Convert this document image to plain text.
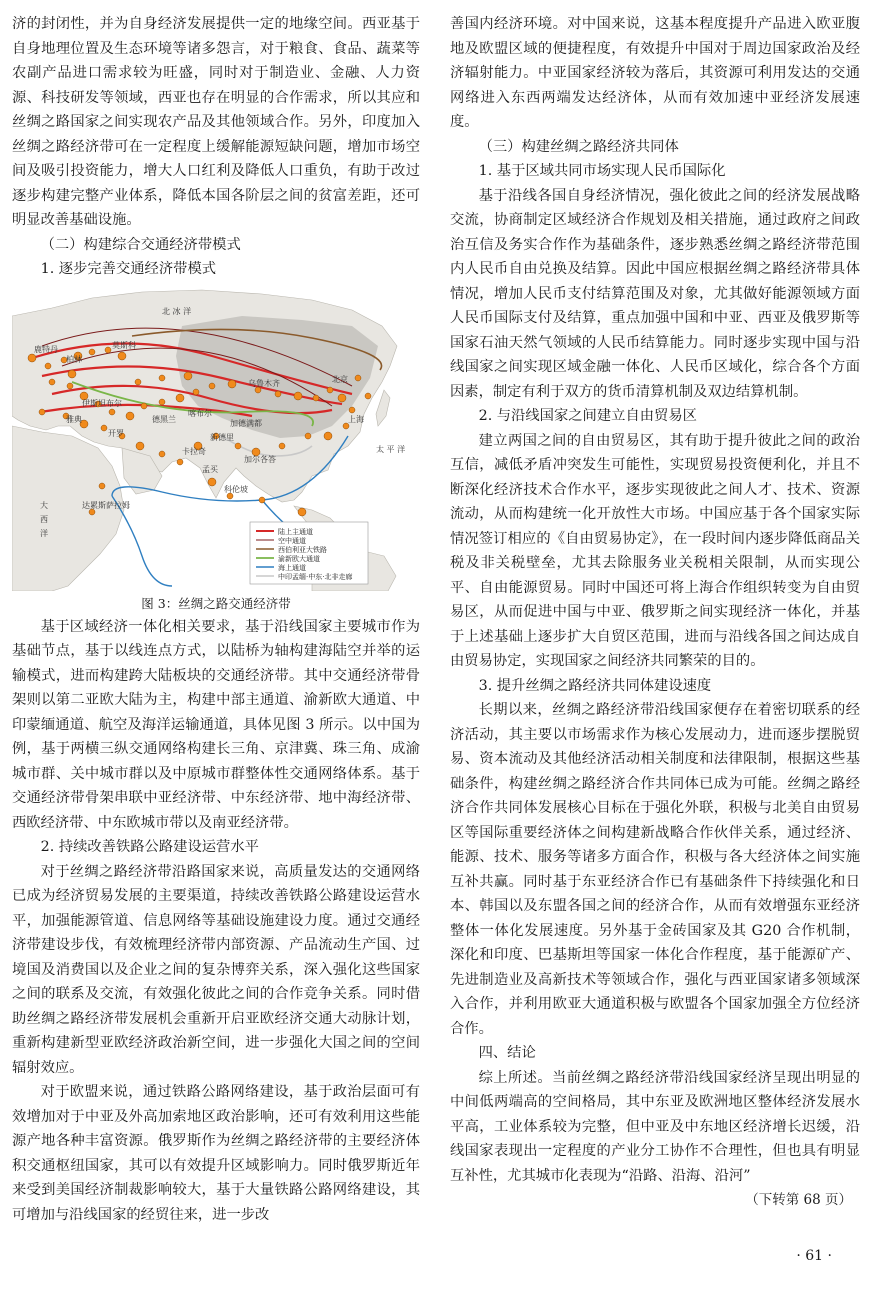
济的封闭性，并为自身经济发展提供一定的地缘空间。西亚基于自身地理位置及生态环境等诸多怨言，对于粮食、食品、蔬菜等农副产品进口需求较为旺盛，同时对于制造业、金融、人力资源、科技研发等领域，西亚也存在明显的合作需求，所以其应和丝绸之路国家之间实现农产品及其他领域合作。另外，印度加入丝绸之路经济带可在一定程度上缓解能源短缺问题，增加市场空间及吸引投资能力，增大人口红利及降低人口重负，有助于改过逐步构建完整产业体系，降低本国各阶层之间的贫富差距，还可明显改善基础设施。

（二）构建综合交通经济带模式
1. 逐步完善交通经济带模式
北 冰 洋
太 平 洋
大
西
洋
莫斯科
柏林
鹿特丹
伊斯坦布尔
乌鲁木齐	北京
上海
新德里
卡拉奇
喀布尔
德黑兰
开罗
达累斯萨拉姆
加尔各答
孟买
科伦坡
加德满都
雅典
陆上主通道
空中通道
西伯利亚大铁路
渝新欧大通道
海上通道
中印孟缅·中东·北非走廊
图 3：丝绸之路交通经济带

基于区域经济一体化相关要求，基于沿线国家主要城市作为基础节点，基于以线连点方式，以陆桥为轴构建海陆空并举的运输模式，进而构建跨大陆板块的交通经济带。其中交通经济带骨架则以第二亚欧大陆为主，构建中部主通道、渝新欧大通道、中印蒙缅通道、航空及海洋运输通道，具体见图 3 所示。以中国为例，基于两横三纵交通网络构建长三角、京津冀、珠三角、成渝城市群、关中城市群以及中原城市群整体性交通网络体系。基于交通经济带骨架串联中亚经济带、中东经济带、地中海经济带、西欧经济带、中东欧城市带以及南亚经济带。

2. 持续改善铁路公路建设运营水平

对于丝绸之路经济带沿路国家来说，高质量发达的交通网络已成为经济贸易发展的主要渠道，持续改善铁路公路建设运营水平，加强能源管道、信息网络等基础设施建设力度。通过交通经济带建设步伐，有效梳理经济带内部资源、产品流动生产国、过境国及消费国以及企业之间的复杂博弈关系，深入强化这些国家之间的联系及交流，有效强化彼此之间的合作竞争关系。同时借助丝绸之路经济带发展机会重新开启亚欧经济交通大动脉计划，重新构建新型亚欧经济政治新空间，进一步强化大国之间的空间辐射效应。

对于欧盟来说，通过铁路公路网络建设，基于政治层面可有效增加对于中亚及外高加索地区政治影响，还可有效利用这些能源产地各种丰富资源。俄罗斯作为丝绸之路经济带的主要经济体积交通枢纽国家，其可以有效提升区域影响力。同时俄罗斯近年来受到美国经济制裁影响较大，基于大量铁路公路网络建设，其可增加与沿线国家的经贸往来，进一步改

善国内经济环境。对中国来说，这基本程度提升产品进入欧亚腹地及欧盟区域的便捷程度，有效提升中国对于周边国家政治及经济辐射能力。中亚国家经济较为落后，其资源可利用发达的交通网络进入东西两端发达经济体，从而有效加速中亚经济发展速度。

（三）构建丝绸之路经济共同体
1. 基于区域共同市场实现人民币国际化

基于沿线各国自身经济情况，强化彼此之间的经济发展战略交流，协商制定区域经济合作规划及相关措施，通过政府之间政治互信及务实合作作为基础条件，逐步熟悉丝绸之路经济带范围内人民币自由兑换及结算。因此中国应根据丝绸之路经济带具体情况，增加人民币支付结算范围及对象，尤其做好能源领域方面人民币国际支付及结算，重点加强中国和中亚、西亚及俄罗斯等国家石油天然气领域的人民币结算能力。同时逐步实现中国与沿线国家之间实现区域金融一体化、人民币区域化，综合各个方面因素，制定有利于双方的货币清算机制及双边结算机制。

2. 与沿线国家之间建立自由贸易区

建立两国之间的自由贸易区，其有助于提升彼此之间的政治互信，减低矛盾冲突发生可能性，实现贸易投资便利化，并且不断深化经济技术合作水平，逐步实现彼此之间人才、技术、资源流动，从而构建统一化开放性大市场。中国应基于各个国家实际情况签订相应的《自由贸易协定》，在一段时间内逐步降低商品关税及非关税壁垒，尤其去除服务业关税相关限制，从而实现公平、自由能源贸易。同时中国还可将上海合作组织转变为自由贸易区，从而促进中国与中亚、俄罗斯之间实现经济一体化，并基于上述基础上逐步扩大自贸区范围，进而与沿线各国之间达成自由贸易协定，实现国家之间经济共同繁荣的目的。

3. 提升丝绸之路经济共同体建设速度

长期以来，丝绸之路经济带沿线国家便存在着密切联系的经济活动，其主要以市场需求作为核心发展动力，进而逐步摆脱贸易、资本流动及其他经济活动相关制度和法律限制，根据这些基础条件，构建丝绸之路经济合作共同体已成为可能。丝绸之路经济合作共同体发展核心目标在于强化外联，积极与北美自由贸易区等国际重要经济体之间构建新战略合作伙伴关系，通过经济、能源、技术、服务等诸多方面合作，积极与各大经济体之间实施互补共赢。同时基于东亚经济合作已有基础条件下持续强化和日本、韩国以及东盟各国之间的经济合作，从而有效增强东亚经济整体一体化发展速度。另外基于金砖国家及其 G20 合作机制，深化和印度、巴基斯坦等国家一体化合作程度，基于能源矿产、先进制造业及高新技术等领域合作，强化与西亚国家诸多领域深入合作，并利用欧亚大通道积极与欧盟各个国家加强全方位经济合作。

四、结论

综上所述。当前丝绸之路经济带沿线国家经济呈现出明显的中间低两端高的空间格局，其中东亚及欧洲地区整体经济发展水平高，工业体系较为完整，但中亚及中东地区经济增长迟缓，沿线国家表现出一定程度的产业分工协作不合理性，但也具有明显互补性，尤其城市化表现为“沿路、沿海、沿河”

（下转第 68 页）
· 61 ·
